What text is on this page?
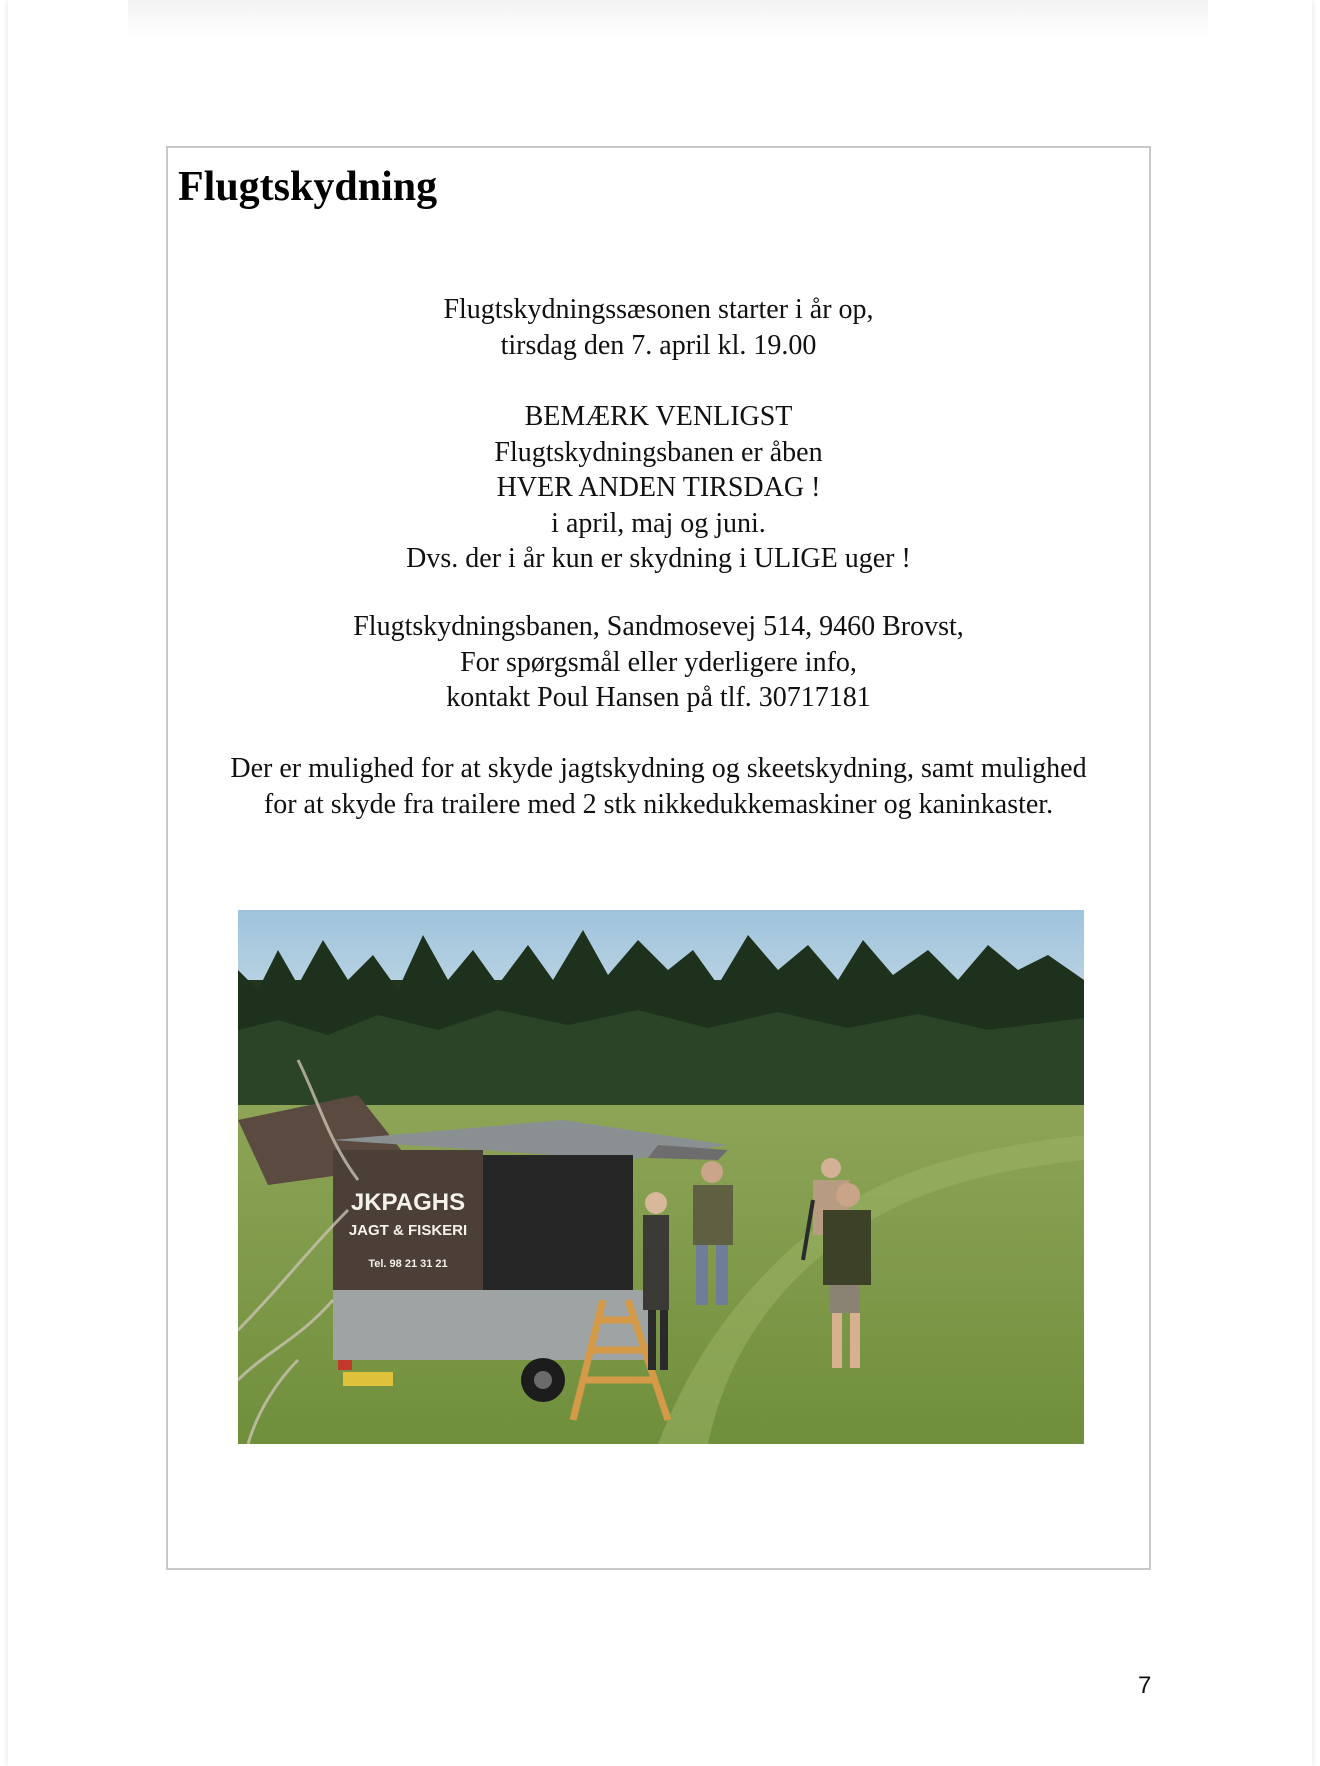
Flugtskydning

Flugtskydningssæsonen starter i år op,

tirsdag den 7. april kl. 19.00

BEMÆRK VENLIGST

Flugtskydningsbanen er åben

HVER ANDEN TIRSDAG !

i april, maj og juni.

Dvs. der i år kun er skydning i ULIGE uger !

Flugtskydningsbanen, Sandmosevej 514, 9460 Brovst,

For spørgsmål eller yderligere info,

kontakt Poul Hansen på tlf. 30717181

Der er mulighed for at skyde jagtskydning og skeetskydning, samt mulighed

for at skyde fra trailere med 2 stk nikkedukkemaskiner og kaninkaster.

JKPAGHS
JAGT & FISKERI
Tel. 98 21 31 21
7
